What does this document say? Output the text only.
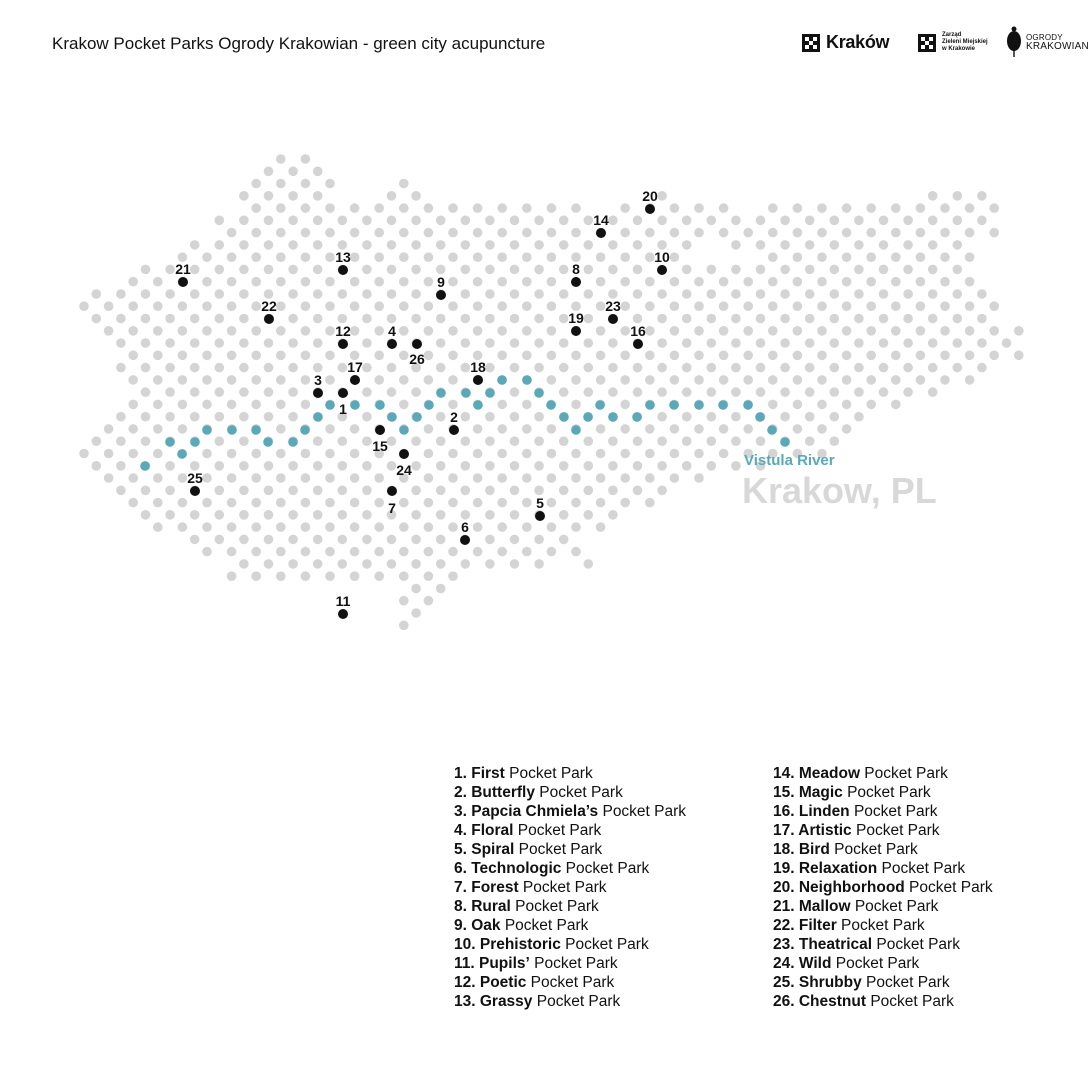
Krakow Pocket Parks Ogrody Krakowian - green city acupuncture	Kraków	Zarząd
Zieleni Miejskiej
w Krakowie
OGRODY
KRAKOWIAN
1	2
3
4
5
6
7
8
9
10
11
12
13
14
15
16
17	18
19
20
21
22	23
24
25
26
Vistula River
Krakow, PL
1. First Pocket Park
2. Butterfly Pocket Park
3. Papcia Chmiela’s Pocket Park
4. Floral Pocket Park
5. Spiral Pocket Park
6. Technologic Pocket Park
7. Forest Pocket Park
8. Rural Pocket Park
9. Oak Pocket Park
10. Prehistoric Pocket Park
11. Pupils’ Pocket Park
12. Poetic Pocket Park
13. Grassy Pocket Park
14. Meadow Pocket Park
15. Magic Pocket Park
16. Linden Pocket Park
17. Artistic Pocket Park
18. Bird Pocket Park
19. Relaxation Pocket Park
20. Neighborhood Pocket Park
21. Mallow Pocket Park
22. Filter Pocket Park
23. Theatrical Pocket Park
24. Wild Pocket Park
25. Shrubby Pocket Park
26. Chestnut Pocket Park
